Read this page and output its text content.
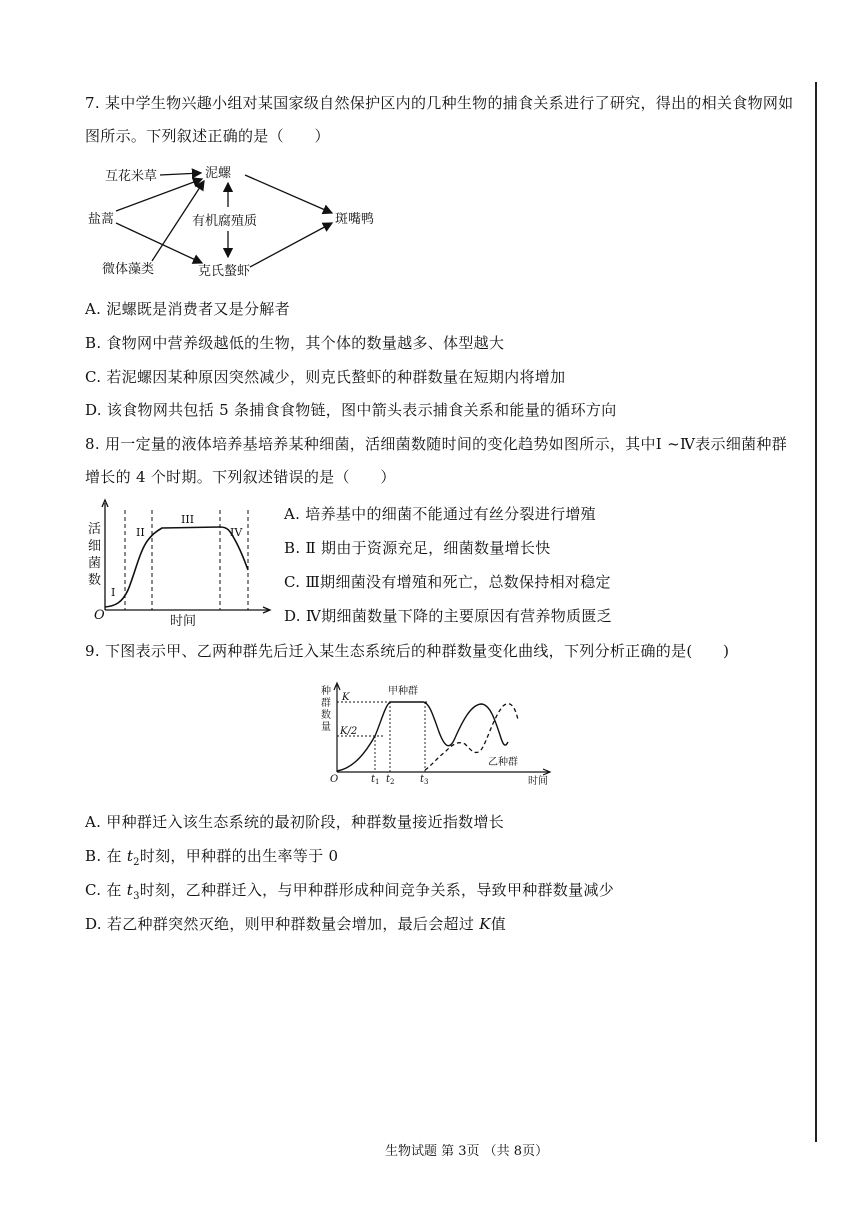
7. 某中学生物兴趣小组对某国家级自然保护区内的几种生物的捕食关系进行了研究，得出的相关食物网如
图所示。下列叙述正确的是（　　）
互花米草	泥螺
盐蒿	有机腐殖质	斑嘴鸭
微体藻类	克氏螯虾
A. 泥螺既是消费者又是分解者
B. 食物网中营养级越低的生物，其个体的数量越多、体型越大
C. 若泥螺因某种原因突然减少，则克氏螯虾的种群数量在短期内将增加
D. 该食物网共包括 5 条捕食食物链，图中箭头表示捕食关系和能量的循环方向
8. 用一定量的液体培养基培养某种细菌，活细菌数随时间的变化趋势如图所示，其中Ⅰ ~Ⅳ表示细菌种群
增长的 4 个时期。下列叙述错误的是（　　）
活
细
菌
数
O	时间
I
II
III
IV
A. 培养基中的细菌不能通过有丝分裂进行增殖
B. Ⅱ 期由于资源充足，细菌数量增长快
C. Ⅲ期细菌没有增殖和死亡，总数保持相对稳定
D. Ⅳ期细菌数量下降的主要原因有营养物质匮乏
9. 下图表示甲、乙两种群先后迁入某生态系统后的种群数量变化曲线，下列分析正确的是(　　)
种
群
数
量
K
K/2
O
甲种群
乙种群
时间
$t_1$ $t_2$	$t_3$
A. 甲种群迁入该生态系统的最初阶段，种群数量接近指数增长
B. 在 $t_2$时刻，甲种群的出生率等于 0
C. 在 $t_3$时刻，乙种群迁入，与甲种群形成种间竞争关系，导致甲种群数量减少
D. 若乙种群突然灭绝，则甲种群数量会增加，最后会超过 K值
生物试题 第 3页 （共 8页）
